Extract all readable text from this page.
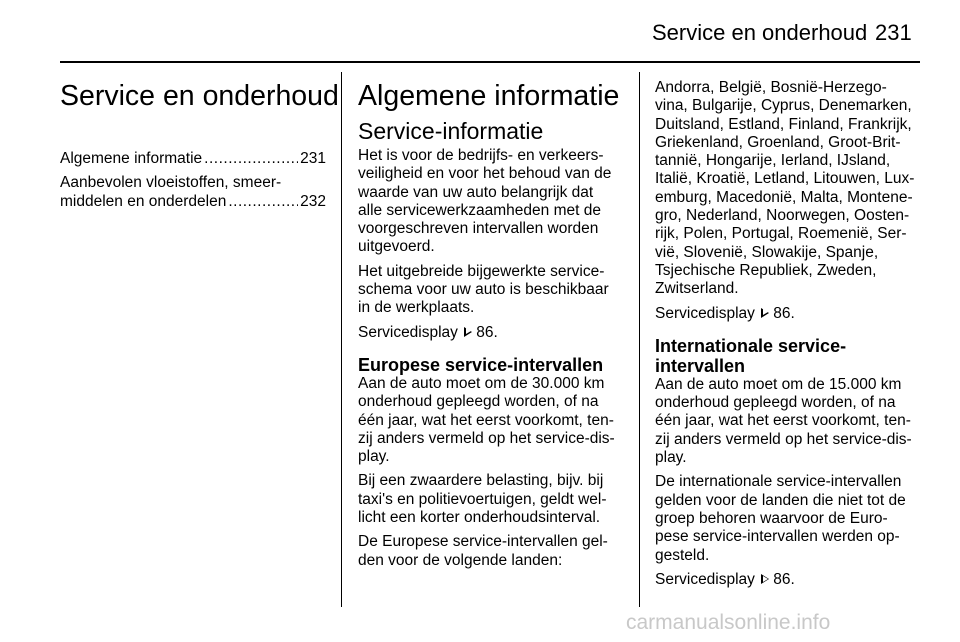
Service en onderhoud 231
Service en onderhoud
Algemene informatie .....	231
Aanbevolen vloeistoffen, smeer-
middelen en onderdelen .....	232
Algemene informatie
Service-informatie

Het is voor de bedrijfs- en verkeers-
veiligheid en voor het behoud van de
waarde van uw auto belangrijk dat
alle servicewerkzaamheden met de
voorgeschreven intervallen worden
uitgevoerd.

Het uitgebreide bijgewerkte service-
schema voor uw auto is beschikbaar
in de werkplaats.

Servicedisplay 86.

Europese service-intervallen

Aan de auto moet om de 30.000 km
onderhoud gepleegd worden, of na
één jaar, wat het eerst voorkomt, ten-
zij anders vermeld op het service-dis-
play.

Bij een zwaardere belasting, bijv. bij
taxi's en politievoertuigen, geldt wel-
licht een korter onderhoudsinterval.

De Europese service-intervallen gel-
den voor de volgende landen:

Andorra, België, Bosnië-Herzego-
vina, Bulgarije, Cyprus, Denemarken,
Duitsland, Estland, Finland, Frankrijk,
Griekenland, Groenland, Groot-Brit-
tannië, Hongarije, Ierland, IJsland,
Italië, Kroatië, Letland, Litouwen, Lux-
emburg, Macedonië, Malta, Montene-
gro, Nederland, Noorwegen, Oosten-
rijk, Polen, Portugal, Roemenië, Ser-
vië, Slovenië, Slowakije, Spanje,
Tsjechische Republiek, Zweden,
Zwitserland.

Servicedisplay 86.

Internationale service-
intervallen

Aan de auto moet om de 15.000 km
onderhoud gepleegd worden, of na
één jaar, wat het eerst voorkomt, ten-
zij anders vermeld op het service-dis-
play.

De internationale service-intervallen
gelden voor de landen die niet tot de
groep behoren waarvoor de Euro-
pese service-intervallen werden op-
gesteld.

Servicedisplay 86.

carmanualsonline.info
